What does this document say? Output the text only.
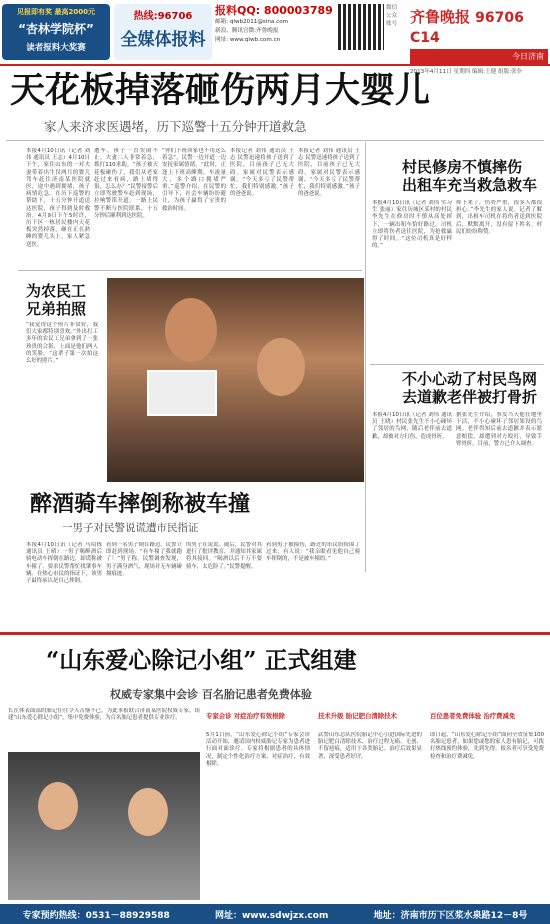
见报即有奖 最高2000元
“杏林学院杯”
读者报料大奖赛
热线:96706
全媒体报料
报料QQ: 800003789
邮箱: qlwb2011@sina.com
新浪、腾讯官微:齐鲁晚报
网址: www.qlwb.com.cn
微信公众账号 齐鲁晚报 96706 C14
今日济南
2013年4月11日 星期四 编辑:王健 组版:张仆
天花板掉落砸伤两月大婴儿
家人来济求医遇堵，历下巡警十五分钟开道救急
本报4月10日讯（记者 刘伟 通讯员 王志）4月10日下午，家住山东的一对夫妻带着出生仅两月的婴儿驾车赶往济南某医院就医，途中遇到拥堵，孩子病情危急。在历下巡警的帮助下，十五分钟开道送达医院，孩子得到及时救治。4月9日下午5时许，历下区一栋居民楼内天花板突然掉落，砸在正在熟睡的婴儿头上，家人紧急送医。
遭车，孩子一直哭闹不止。夫妻二人非常着急，拨打110求助。“孩子被天花板砸伤了，我们从老家赶过来看病，路上堵得很，怎么办？”民警接警后立即驾驶警车赶到现场，拉响警笛开道。一路上民警不断与医院联系，十五分钟后顺利到达医院。
“你们下班回家也不用这么着急”，民警一边开道一边安抚家属情绪。“此时，正逢上下班高峰期，车流量大，多个路口拥堵严重。”巡警介绍，在民警的引导下，社会车辆纷纷避让，为孩子赢得了宝贵的救治时间。
本报记者 刘伟 通讯员 王志 民警迅速将孩子送到了医院，目前孩子已无大碍。家属对民警表示感谢。“今天多亏了民警帮忙，我们特别感激。”孩子的爸爸说。
本报记者 刘伟 通讯员 王志 民警迅速将孩子送到了医院，目前孩子已无大碍。家属对民警表示感谢。“今天多亏了民警帮忙，我们特别感激。”孩子的爸爸说。
村民修房不慎摔伤
出租车充当救急救车
本报4月10日讯（记者 刘伟 实习生 张丽）家住历城区某村的村民李先生在修房时不慎从高处摔下，一辆出租车恰好路过，司机立即将伤者送往医院，为抢救赢得了时间。“这位司机真是好样的。”
摔下来了，伤势严重，很多人都很担心。”李先生的家人说。记者了解到，出租车司机在将伤者送到医院后，默默离开，没有留下姓名。村民们纷纷称赞。
为农民工
兄弟拍照
“我觉得这个照片非常好，我们大家都特别喜欢。”外出打工多年的农民工兄弟拿到了一张珍贵的合影，上面是他们两人的笑脸。“这辈子第一次拍这么好的照片。”
不小心动了村民鸟网
去道歉老伴被打骨折
本报4月10日讯（记者 刘伟 通讯员 王晓）村民张先生不小心碰坏了邻居的鸟网，随后老伴前去道歉，却被对方打伤，造成骨折。
据张先生介绍，事发当天他在地里干活，不小心碰坏了邻居架设的鸟网。老伴得知后前去道歉并表示愿意赔偿，却遭到对方殴打，导致手臂骨折。目前，警方已介入调查。
醉酒骑车摔倒称被车撞
一男子对民警说谎遭市民指证
本报4月10日讯（记者 马绍栋 通讯员 王晴）一男子喝醉酒后骑电动车摔倒在路边，却谎称被车撞了，要求民警帮忙找肇事车辆。在热心市民的指证下，该男子最终承认是自己摔倒。
看到一名男子倒在路边，民警立即赶到现场。“有车撞了我就跑了！”男子称。民警调查发现，男子满身酒气，现场并无车辆碰撞痕迹。
的男子在说谎。随后，民警对其进行了批评教育，并通知其家属将其接回。“喝酒以后千万不要骑车，太危险了。”民警提醒。
看到男子被撞伤，路过的市民纷纷围了过来，有人说：“我亲眼看见他自己骑车摔倒的，不是被车撞的。”
“山东爱心除记小组” 正式组建
权威专家集中会诊 百名胎记患者免费体验
长在体表面部的胎记往往令人苦恼不已。为此本报联合济南某医院权威专家，组建“山东爱心除记小组”，集中免费体验，为百名胎记患者提供专业诊疗。	专家会诊 对症治疗有效根除
5月1日前，“山东爱心除记小组”专家会诊活动开始，邀请国内权威胎记专家为患者进行面对面诊疗。专家将根据患者的具体情况，制定个性化治疗方案，对症治疗，有效根除。
技术升级 胎记肥白清除技术
武警山东总队医院胎记中心引进国际先进的胎记肥白清除技术，治疗过程无痛、无创、不留疤痕，适用于各类胎记。治疗后效果显著，深受患者好评。
百位患者免费体验 治疗费减免
即日起，“山东爱心除记小组”面向全省征集100名胎记患者，如果您或您的家人患有胎记，可拨打热线预约体验，先到先得。报名者可享受免费检查和治疗费减免。
专家预约热线：0531－88929588	网址：www.sdwjzx.com	地址：济南市历下区浆水泉路12－8号
